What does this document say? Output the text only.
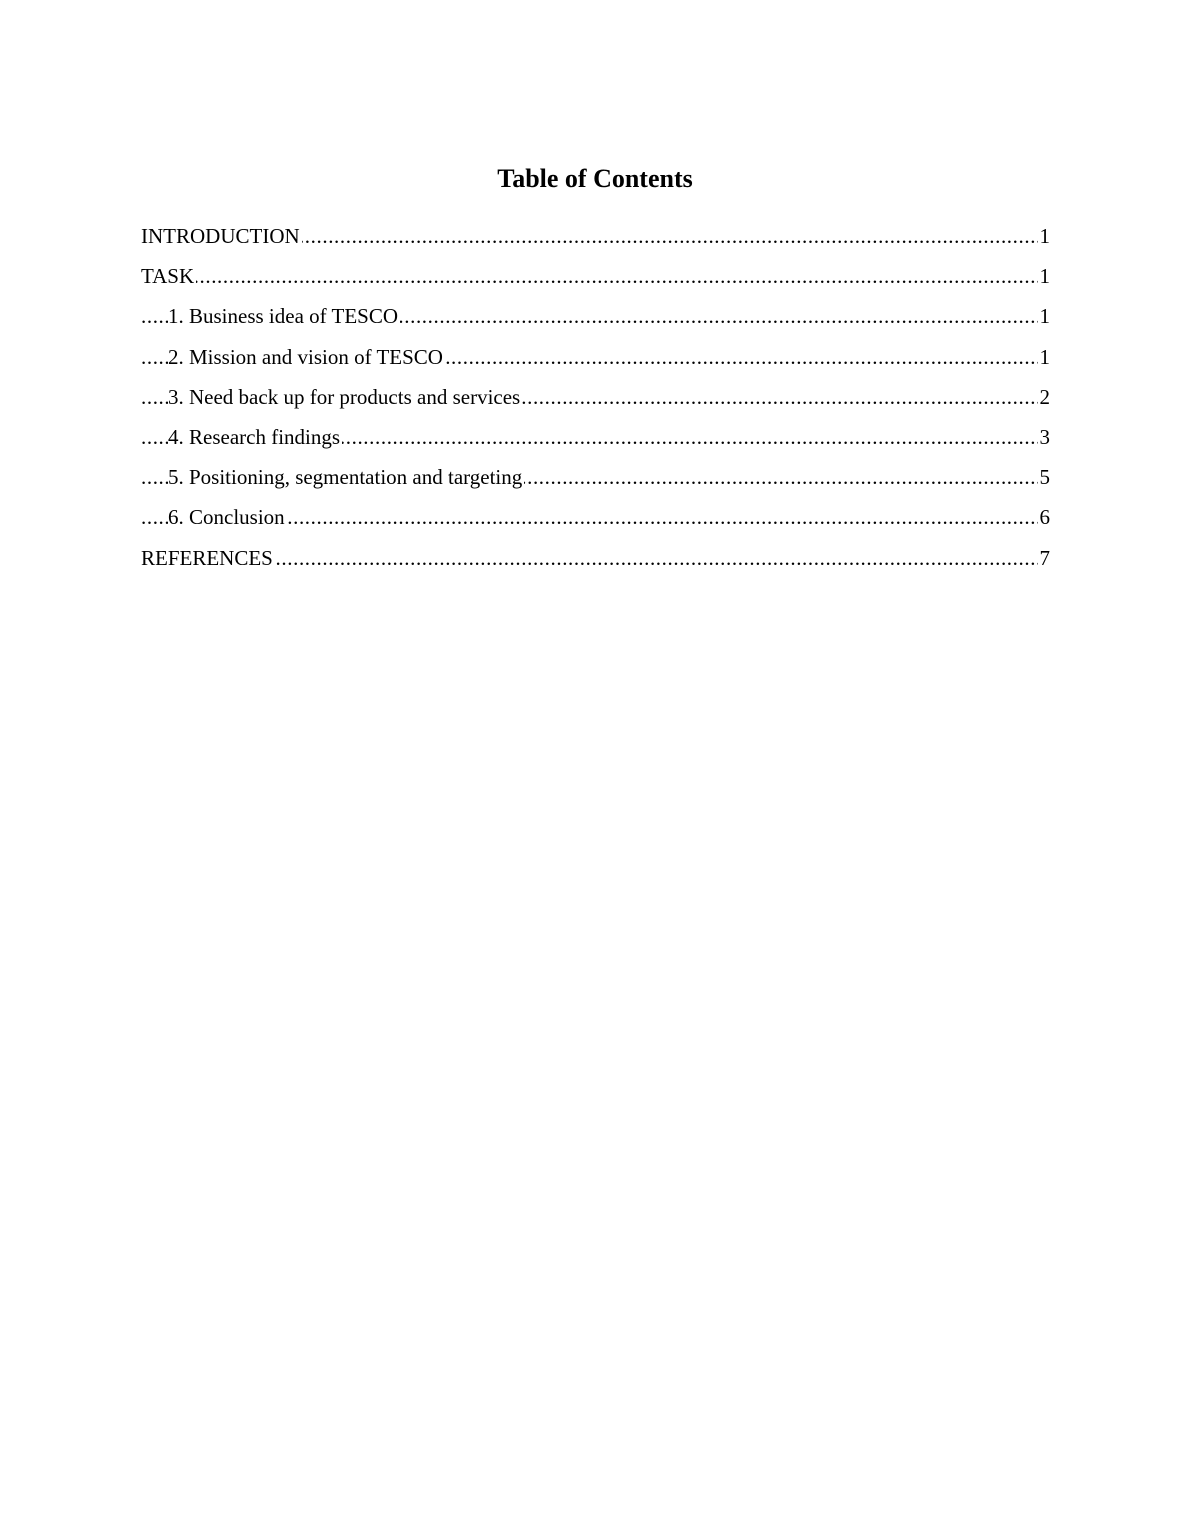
Table of Contents
.....
INTRODUCTION	1
.....
TASK	1
.....
1. Business idea of TESCO	1
.....
2. Mission and vision of TESCO	1
.....
3. Need back up for products and services	2
.....
4. Research findings	3
.....
5. Positioning, segmentation and targeting	5
.....
6. Conclusion	6
.....
REFERENCES	7
